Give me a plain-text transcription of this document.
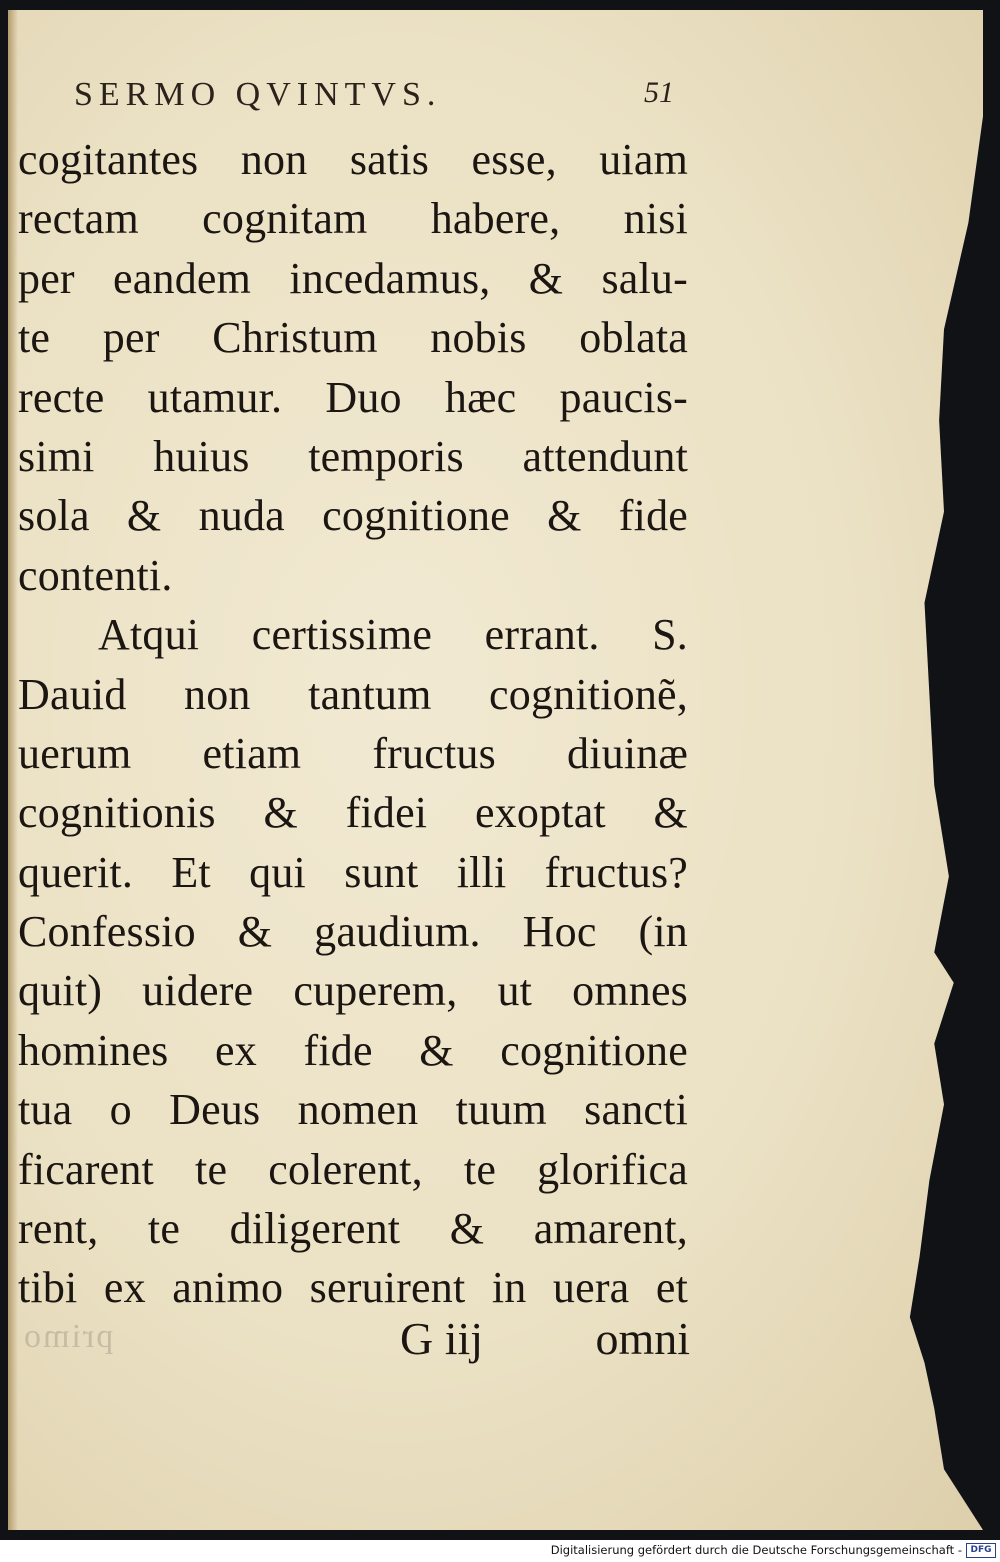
SERMO QVINTVS.	51
cogitantes non satis esse, uiam
rectam cognitam habere, nisi
per eandem incedamus, & salu-
te per Christum nobis oblata
recte utamur. Duo hæc paucis-
simi huius temporis attendunt
sola & nuda cognitione & fide
contenti.
Atqui certissime errant. S.
Dauid non tantum cognitionẽ,
uerum etiam fructus diuinæ
cognitionis & fidei exoptat &
querit. Et qui sunt illi fructus?
Confessio & gaudium. Hoc (in
quit) uidere cuperem, ut omnes
homines ex fide & cognitione
tua o Deus nomen tuum sancti
ficarent te colerent, te glorifica
rent, te diligerent & amarent,
tibi ex animo seruirent in uera et
primo	G iij omni
Digitalisierung gefördert durch die Deutsche Forschungsgemeinschaft - DFG
